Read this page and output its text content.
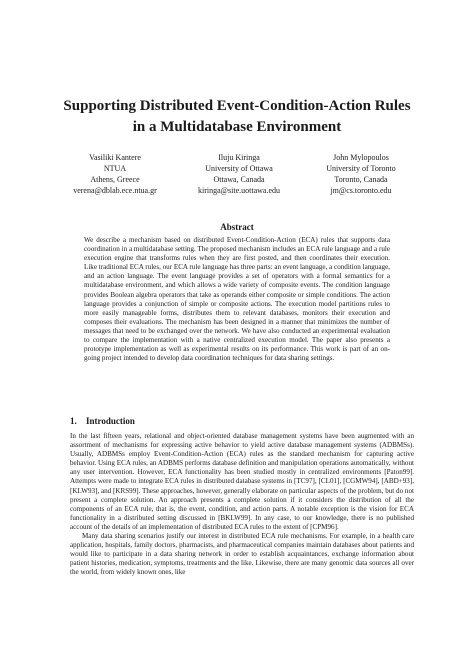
Supporting Distributed Event-Condition-Action Rules
in a Multidatabase Environment
Vasiliki Kantere
NTUA
Athens, Greece
verena@dblab.ece.ntua.gr
Iluju Kiringa
University of Ottawa
Ottawa, Canada
kiringa@site.uottawa.edu
John Mylopoulos
University of Toronto
Toronto, Canada
jm@cs.toronto.edu
Abstract

We describe a mechanism based on distributed Event-Condition-Action (ECA) rules that supports data coordination in a multidatabase setting. The proposed mechanism includes an ECA rule language and a rule execution engine that transforms rules when they are first posted, and then coordinates their execution. Like traditional ECA rules, our ECA rule language has three parts: an event language, a condition language, and an action language. The event language provides a set of operators with a formal semantics for a multidatabase environment, and which allows a wide variety of composite events. The condition language provides Boolean algebra operators that take as operands either composite or simple conditions. The action language provides a conjunction of simple or composite actions. The execution model partitions rules to more easily manageable forms, distributes them to relevant databases, monitors their execution and composes their evaluations. The mechanism has been designed in a manner that minimizes the number of messages that need to be exchanged over the network. We have also conducted an experimental evaluation to compare the implementation with a native centralized execution model. The paper also presents a prototype implementation as well as experimental results on its performance. This work is part of an on-going project intended to develop data coordination techniques for data sharing settings.

1. Introduction

In the last fifteen years, relational and object-oriented database management systems have been augmented with an assortment of mechanisms for expressing active behavior to yield active database management systems (ADBMSs). Usually, ADBMSs employ Event-Condition-Action (ECA) rules as the standard mechanism for capturing active behavior. Using ECA rules, an ADBMS performs database definition and manipulation operations automatically, without any user intervention. However, ECA functionality has been studied mostly in centralized environments [Paton99]. Attempts were made to integrate ECA rules in distributed database systems in [TC97], [CL01], [CGMW94], [ABD+93], [KLW93], and [KRS99]. These approaches, however, generally elaborate on particular aspects of the problem, but do not present a complete solution. An approach presents a complete solution if it considers the distribution of all the components of an ECA rule, that is, the event, condition, and action parts. A notable exception is the vision for ECA functionality in a distributed setting discussed in [BKLW99]. In any case, to our knowledge, there is no published account of the details of an implementation of distributed ECA rules to the extent of [CPM96].

Many data sharing scenarios justify our interest in distributed ECA rule mechanisms. For example, in a health care application, hospitals, family doctors, pharmacists, and pharmaceutical companies maintain databases about patients and would like to participate in a data sharing network in order to establish acquaintances, exchange information about patient histories, medication, symptoms, treatments and the like. Likewise, there are many genomic data sources all over the world, from widely known ones, like
